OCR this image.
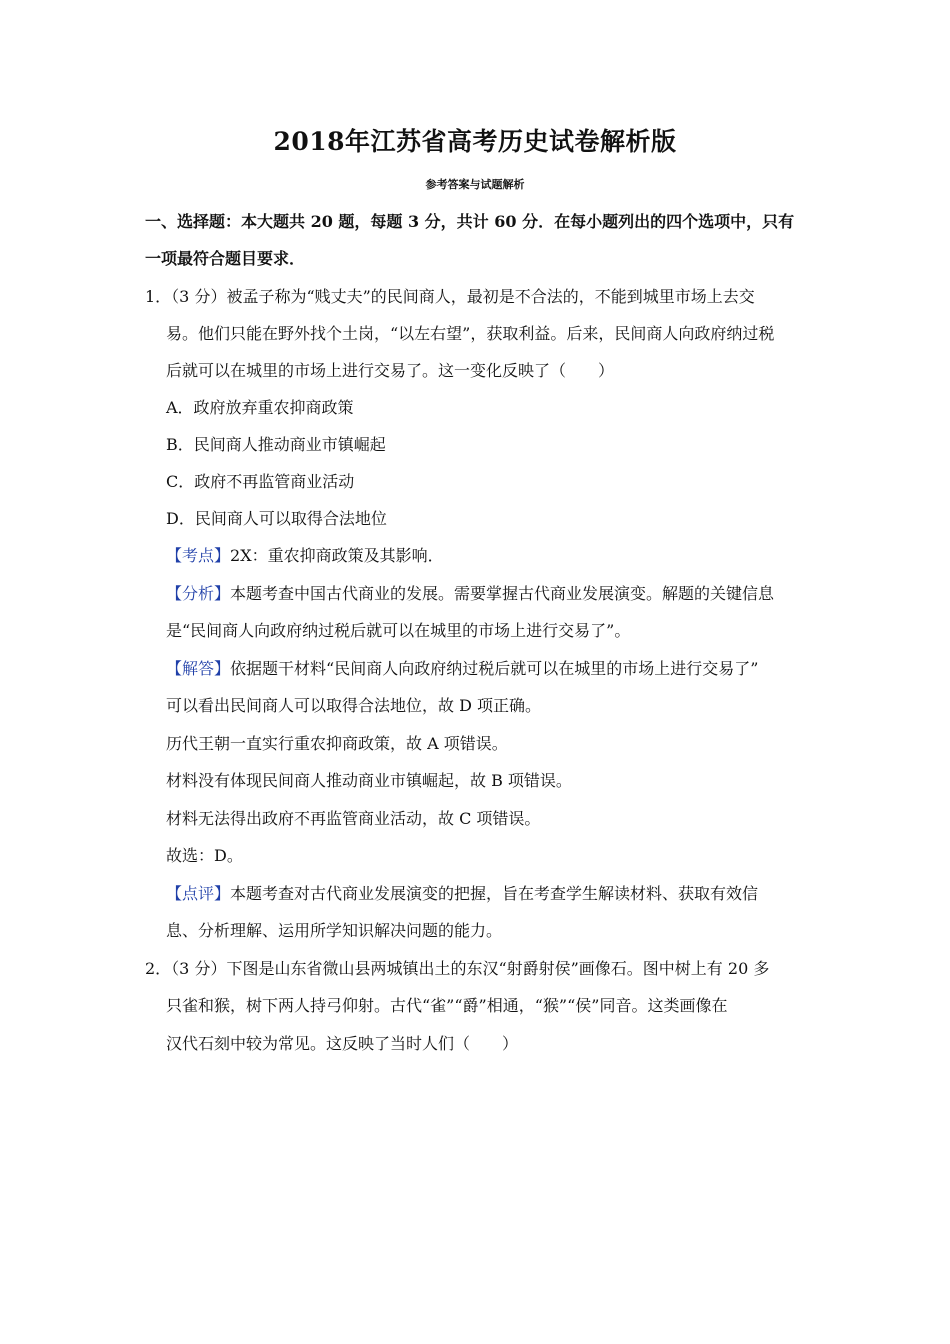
2018年江苏省高考历史试卷解析版
参考答案与试题解析
一、选择题：本大题共 20 题，每题 3 分，共计 60 分．在每小题列出的四个选项中，只有
一项最符合题目要求．
1．（3 分）被孟子称为“贱丈夫”的民间商人，最初是不合法的，不能到城里市场上去交
易。他们只能在野外找个土岗，“以左右望”，获取利益。后来，民间商人向政府纳过税
后就可以在城里的市场上进行交易了。这一变化反映了（　　）
A．政府放弃重农抑商政策
B．民间商人推动商业市镇崛起
C．政府不再监管商业活动
D．民间商人可以取得合法地位
【考点】2X：重农抑商政策及其影响．
【分析】本题考查中国古代商业的发展。需要掌握古代商业发展演变。解题的关键信息
是“民间商人向政府纳过税后就可以在城里的市场上进行交易了”。
【解答】依据题干材料“民间商人向政府纳过税后就可以在城里的市场上进行交易了”
可以看出民间商人可以取得合法地位，故 D 项正确。
历代王朝一直实行重农抑商政策，故 A 项错误。
材料没有体现民间商人推动商业市镇崛起，故 B 项错误。
材料无法得出政府不再监管商业活动，故 C 项错误。
故选：D。
【点评】本题考查对古代商业发展演变的把握，旨在考查学生解读材料、获取有效信
息、分析理解、运用所学知识解决问题的能力。
2．（3 分）下图是山东省微山县两城镇出土的东汉“射爵射侯”画像石。图中树上有 20 多
只雀和猴，树下两人持弓仰射。古代“雀”“爵”相通，“猴”“侯”同音。这类画像在
汉代石刻中较为常见。这反映了当时人们（　　）
